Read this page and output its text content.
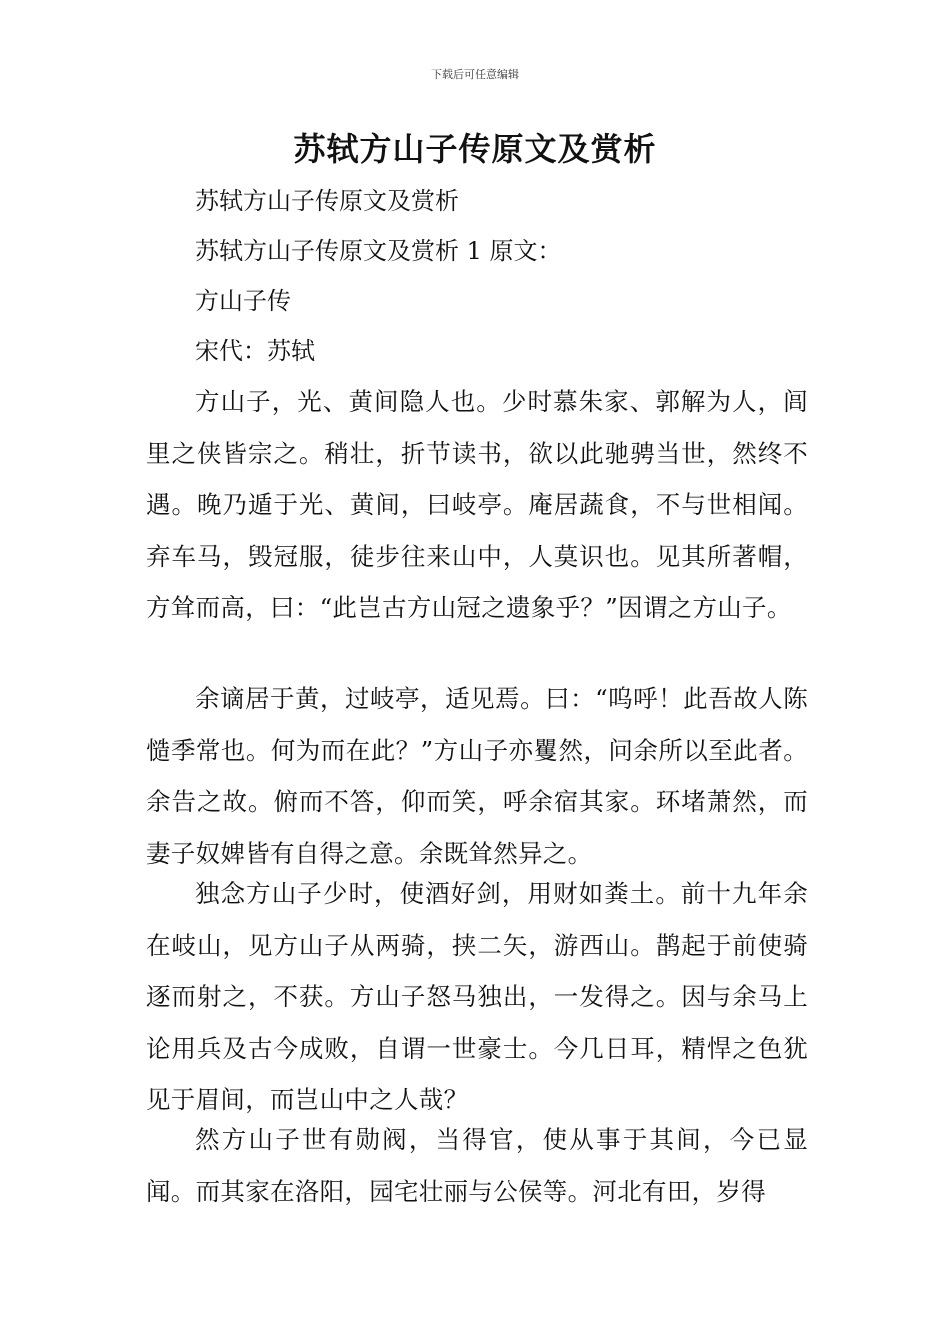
下载后可任意编辑
苏轼方山子传原文及赏析
苏轼方山子传原文及赏析
苏轼方山子传原文及赏析 1 原文：
方山子传
宋代：苏轼

方山子，光、黄间隐人也。少时慕朱家、郭解为人，闾里之侠皆宗之。稍壮，折节读书，欲以此驰骋当世，然终不遇。晚乃遁于光、黄间，曰岐亭。庵居蔬食，不与世相闻。弃车马，毁冠服，徒步往来山中，人莫识也。见其所著帽，方耸而高，曰：“此岂古方山冠之遗象乎？”因谓之方山子。

余谪居于黄，过岐亭，适见焉。曰：“呜呼！此吾故人陈慥季常也。何为而在此？”方山子亦矍然，问余所以至此者。余告之故。俯而不答，仰而笑，呼余宿其家。环堵萧然，而妻子奴婢皆有自得之意。余既耸然异之。

独念方山子少时，使酒好剑，用财如粪土。前十九年余在岐山，见方山子从两骑，挟二矢，游西山。鹊起于前使骑逐而射之，不获。方山子怒马独出，一发得之。因与余马上论用兵及古今成败，自谓一世豪士。今几日耳，精悍之色犹见于眉间，而岂山中之人哉？

然方山子世有勋阀，当得官，使从事于其间，今已显闻。而其家在洛阳，园宅壮丽与公侯等。河北有田，岁得
